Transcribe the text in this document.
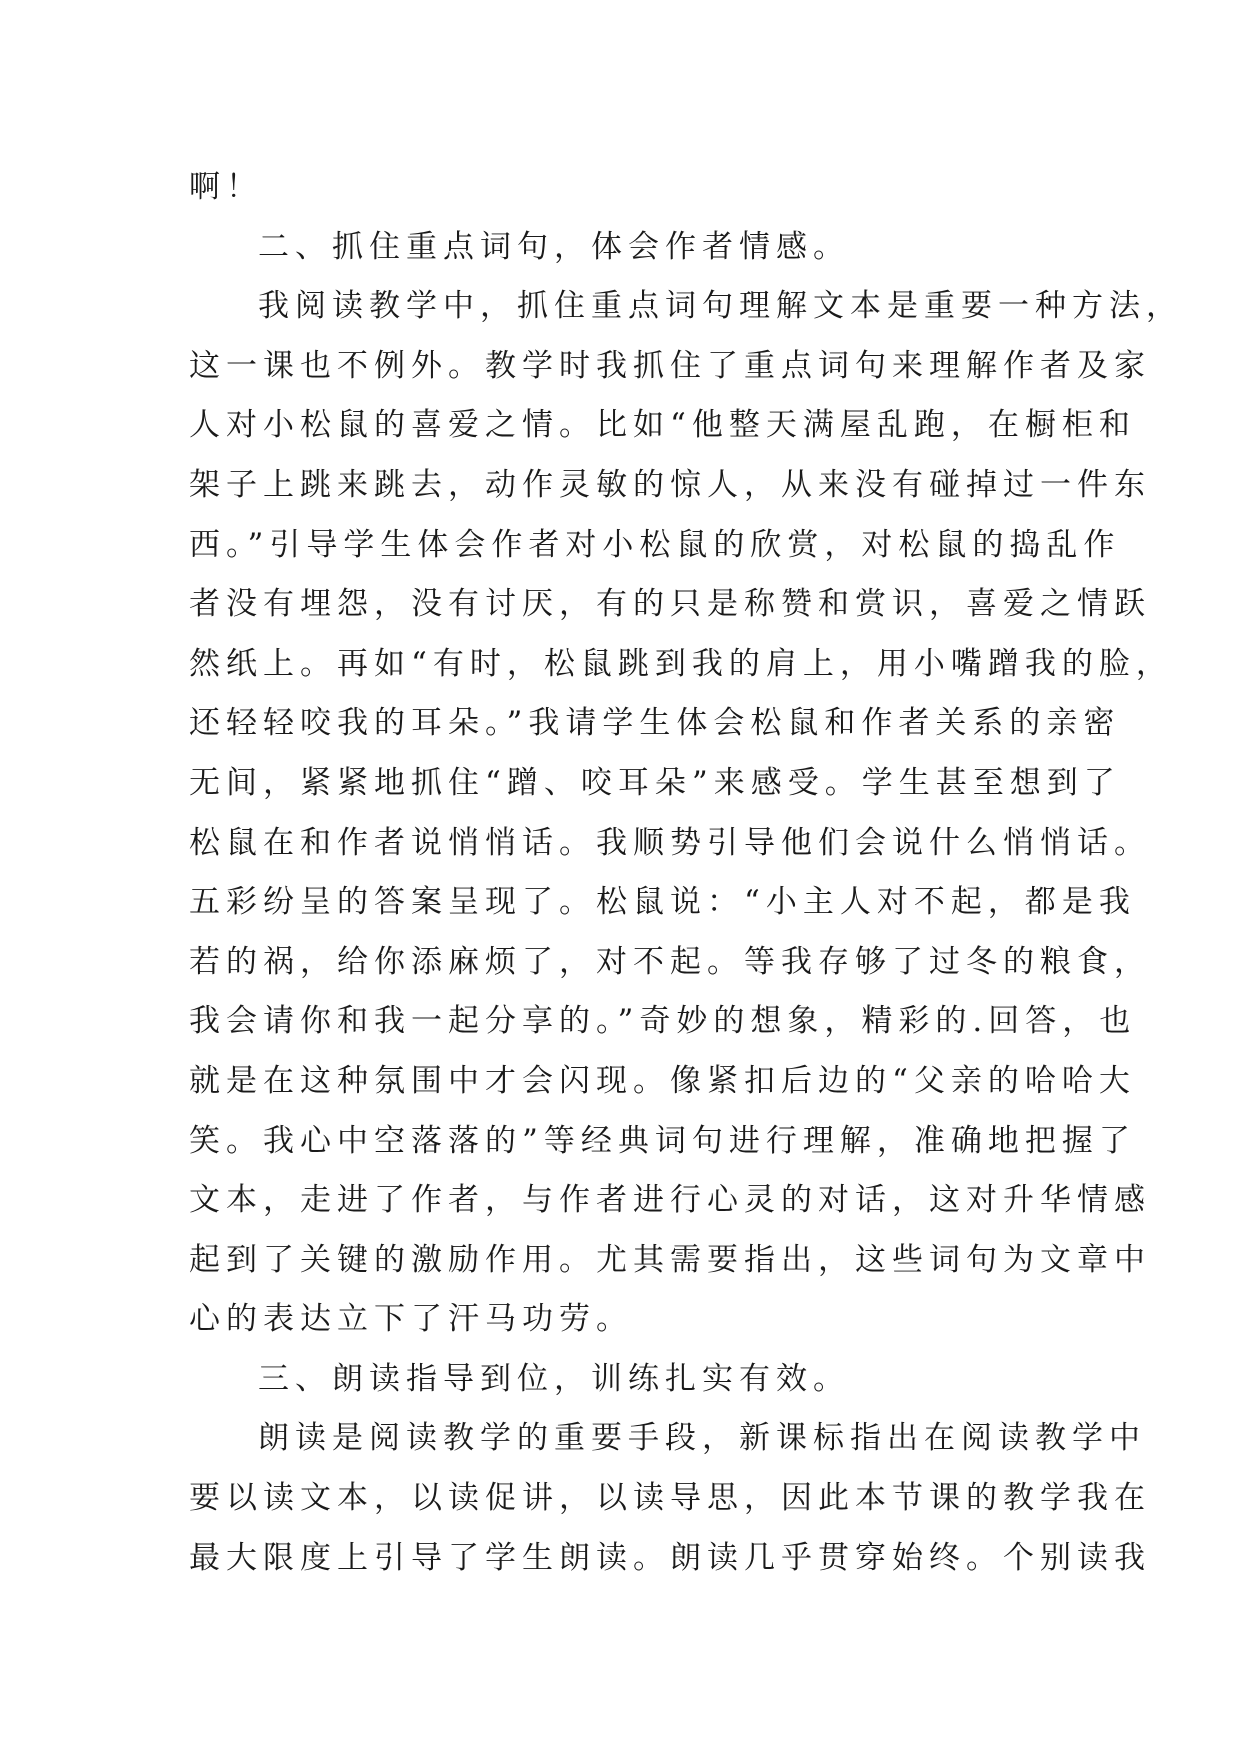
啊！
二、抓住重点词句，体会作者情感。
我阅读教学中，抓住重点词句理解文本是重要一种方法，
这一课也不例外。教学时我抓住了重点词句来理解作者及家
人对小松鼠的喜爱之情。比如“他整天满屋乱跑，在橱柜和
架子上跳来跳去，动作灵敏的惊人，从来没有碰掉过一件东
西。”引导学生体会作者对小松鼠的欣赏，对松鼠的捣乱作
者没有埋怨，没有讨厌，有的只是称赞和赏识，喜爱之情跃
然纸上。再如“有时，松鼠跳到我的肩上，用小嘴蹭我的脸，
还轻轻咬我的耳朵。”我请学生体会松鼠和作者关系的亲密
无间，紧紧地抓住“蹭、咬耳朵”来感受。学生甚至想到了
松鼠在和作者说悄悄话。我顺势引导他们会说什么悄悄话。
五彩纷呈的答案呈现了。松鼠说：“小主人对不起，都是我
若的祸，给你添麻烦了，对不起。等我存够了过冬的粮食，
我会请你和我一起分享的。”奇妙的想象，精彩的.回答，也
就是在这种氛围中才会闪现。像紧扣后边的“父亲的哈哈大
笑。我心中空落落的”等经典词句进行理解，准确地把握了
文本，走进了作者，与作者进行心灵的对话，这对升华情感
起到了关键的激励作用。尤其需要指出，这些词句为文章中
心的表达立下了汗马功劳。
三、朗读指导到位，训练扎实有效。
朗读是阅读教学的重要手段，新课标指出在阅读教学中
要以读文本，以读促讲，以读导思，因此本节课的教学我在
最大限度上引导了学生朗读。朗读几乎贯穿始终。个别读我
